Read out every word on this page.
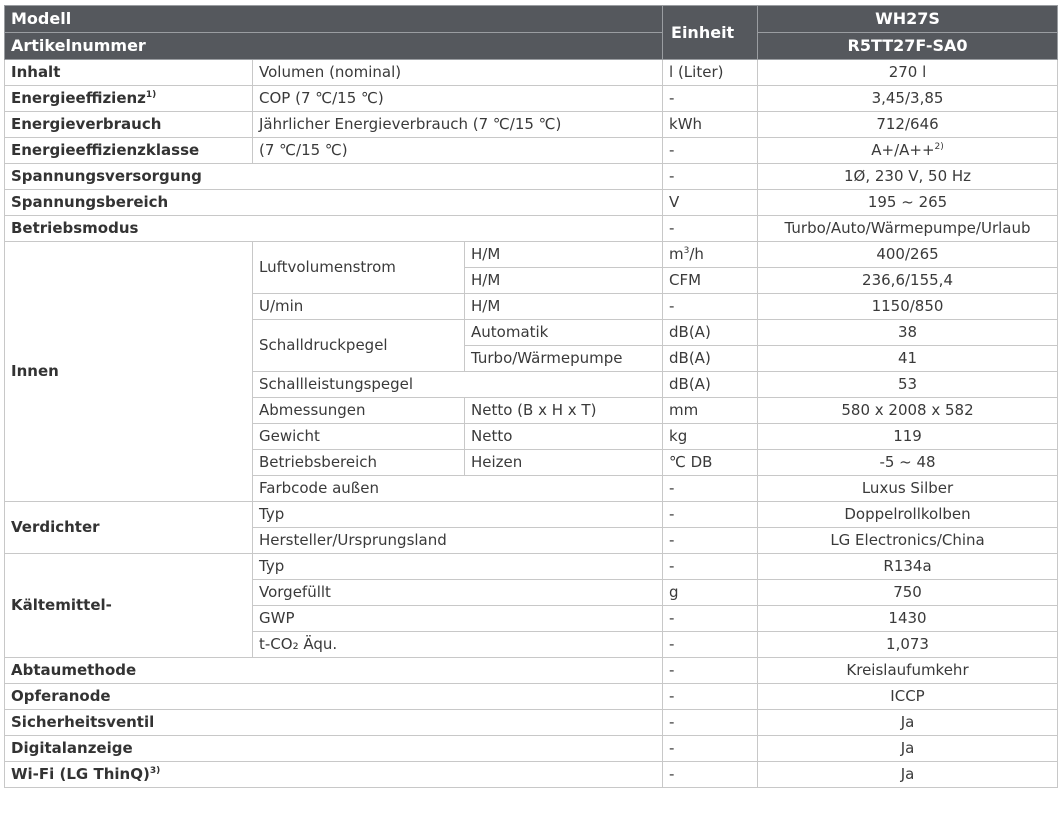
Modell			Einheit	WH27S
Artikelnummer				R5TT27F-SA0
Inhalt	Volumen (nominal)		l (Liter)	270 l
Energieeffizienz$^{1)}$	COP (7 ℃/15 ℃)		-	3,45/3,85
Energieverbrauch	Jährlicher Energieverbrauch (7 ℃/15 ℃)		kWh	712/646
Energieeffizienzklasse	(7 ℃/15 ℃)		-	A+/A++$^{2)}$
Spannungsversorgung			-	1Ø, 230 V, 50 Hz
Spannungsbereich			V	195 ~ 265
Betriebsmodus			-	Turbo/Auto/Wärmepumpe/Urlaub
Innen	Luftvolumenstrom	H/M	$m^3/h$	400/265
		H/M	CFM	236,6/155,4
	U/min	H/M	-	1150/850
	Schalldruckpegel	Automatik	dB(A)	38
		Turbo/Wärmepumpe	dB(A)	41
	Schallleistungspegel		dB(A)	53
	Abmessungen	Netto (B x H x T)	mm	580 x 2008 x 582
	Gewicht	Netto	kg	119
	Betriebsbereich	Heizen	℃ DB	-5 ~ 48
	Farbcode außen		-	Luxus Silber
Verdichter	Typ		-	Doppelrollkolben
	Hersteller/Ursprungsland		-	LG Electronics/China
Kältemittel-	Typ		-	R134a
	Vorgefüllt		g	750
	GWP		-	1430
	t-CO₂ Äqu.		-	1,073
Abtaumethode			-	Kreislaufumkehr
Opferanode			-	ICCP
Sicherheitsventil			-	Ja
Digitalanzeige			-	Ja
Wi-Fi (LG ThinQ)$^{3)}$			-	Ja
